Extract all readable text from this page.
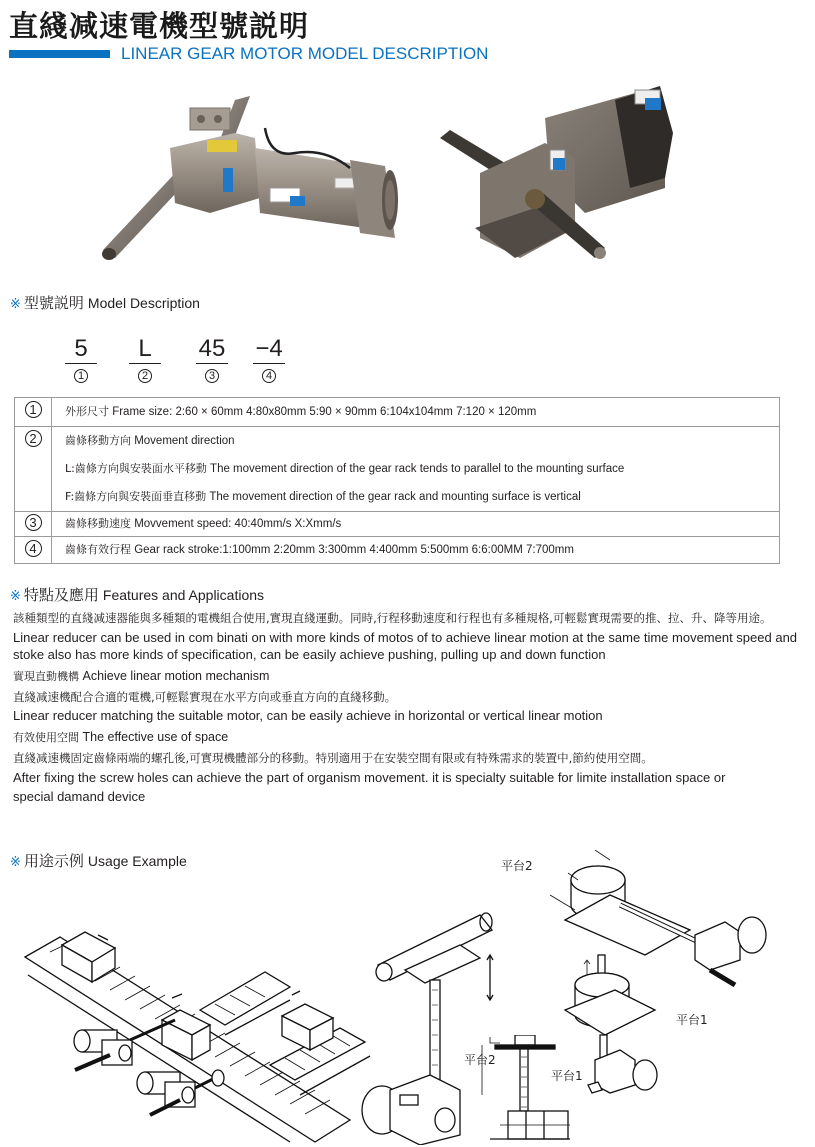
直綫减速電機型號説明
LINEAR GEAR MOTOR MODEL DESCRIPTION
※ 型號説明 Model Description
5
1
L
2
45
3
−4
4
1	外形尺寸 Frame size: 2:60 × 60mm 4:80x80mm 5:90 × 90mm 6:104x104mm 7:120 × 120mm

2	齒條移動方向 Movement direction
L:齒條方向與安裝面水平移動 The movement direction of the gear rack tends to parallel to the mounting surface
F:齒條方向與安裝面垂直移動 The movement direction of the gear rack and mounting surface is vertical

3	齒條移動速度 Movvement speed: 40:40mm/s X:Xmm/s

4	齒條有效行程 Gear rack stroke:1:100mm 2:20mm 3:300mm 4:400mm 5:500mm 6:6:00MM 7:700mm
※ 特點及應用 Features and Applications
該種類型的直綫减速器能與多種類的電機組合使用,實現直綫運動。同時,行程移動速度和行程也有多種規格,可輕鬆實現需要的推、拉、升、降等用途。
Linear reducer can be used in com binati on with more kinds of motos of to achieve linear motion at the same time movement speed and stoke also has more kinds of specification, can be easily achieve pushing, pulling up and down function
實現直動機構 Achieve linear motion mechanism
直綫减速機配合合適的電機,可輕鬆實現在水平方向或垂直方向的直綫移動。
Linear reducer matching the suitable motor, can be easily achieve in horizontal or vertical linear motion
有效使用空間 The effective use of space
直綫减速機固定齒條兩端的螺孔後,可實現機體部分的移動。特別適用于在安裝空間有限或有特殊需求的裝置中,節約使用空間。
After fixing the screw holes can achieve the part of organism movement. it is specialty suitable for limite installation space or special damand device
※ 用途示例 Usage Example
平台2
平台1
平台2
平台1
